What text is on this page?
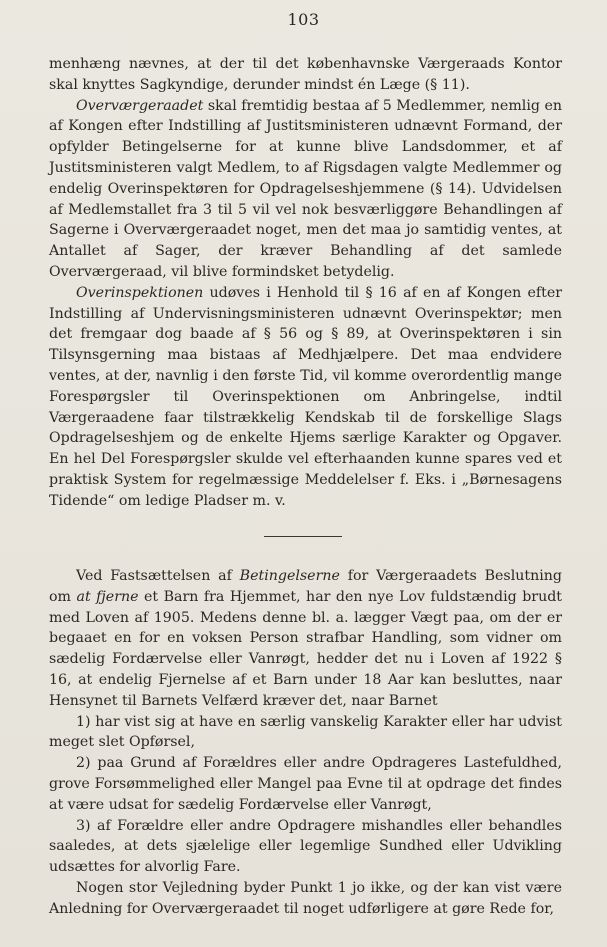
103

menhæng nævnes, at der til det københavnske Værgeraads Kontor skal knyttes Sagkyndige, derunder mindst én Læge (§ 11).

Overværgeraadet skal fremtidig bestaa af 5 Medlemmer, nemlig en af Kongen efter Indstilling af Justitsministeren udnævnt Formand, der opfylder Betingelserne for at kunne blive Landsdommer, et af Justitsministeren valgt Medlem, to af Rigsdagen valgte Medlemmer og endelig Overinspektøren for Opdragelseshjemmene (§ 14). Udvidelsen af Medlemstallet fra 3 til 5 vil vel nok besværliggøre Behandlingen af Sagerne i Overværgeraadet noget, men det maa jo samtidig ventes, at Antallet af Sager, der kræver Behandling af det samlede Overværgeraad, vil blive formindsket betydelig.

Overinspektionen udøves i Henhold til § 16 af en af Kongen efter Indstilling af Undervisningsministeren udnævnt Overinspektør; men det fremgaar dog baade af § 56 og § 89, at Overinspektøren i sin Tilsynsgerning maa bistaas af Medhjælpere. Det maa endvidere ventes, at der, navnlig i den første Tid, vil komme overordentlig mange Forespørgsler til Overinspektionen om Anbringelse, indtil Værgeraadene faar tilstrækkelig Kendskab til de forskellige Slags Opdragelseshjem og de enkelte Hjems særlige Karakter og Opgaver. En hel Del Forespørgsler skulde vel efterhaanden kunne spares ved et praktisk System for regelmæssige Meddelelser f. Eks. i „Børnesagens Tidende“ om ledige Pladser m. v.

Ved Fastsættelsen af Betingelserne for Værgeraadets Beslutning om at fjerne et Barn fra Hjemmet, har den nye Lov fuldstændig brudt med Loven af 1905. Medens denne bl. a. lægger Vægt paa, om der er begaaet en for en voksen Person strafbar Handling, som vidner om sædelig Fordærvelse eller Vanrøgt, hedder det nu i Loven af 1922 § 16, at endelig Fjernelse af et Barn under 18 Aar kan besluttes, naar Hensynet til Barnets Velfærd kræver det, naar Barnet

1) har vist sig at have en særlig vanskelig Karakter eller har udvist meget slet Opførsel,

2) paa Grund af Forældres eller andre Opdrageres Lastefuldhed, grove Forsømmelighed eller Mangel paa Evne til at opdrage det findes at være udsat for sædelig Fordærvelse eller Vanrøgt,

3) af Forældre eller andre Opdragere mishandles eller behandles saaledes, at dets sjælelige eller legemlige Sundhed eller Udvikling udsættes for alvorlig Fare.

Nogen stor Vejledning byder Punkt 1 jo ikke, og der kan vist være Anledning for Overværgeraadet til noget udførligere at gøre Rede for,
